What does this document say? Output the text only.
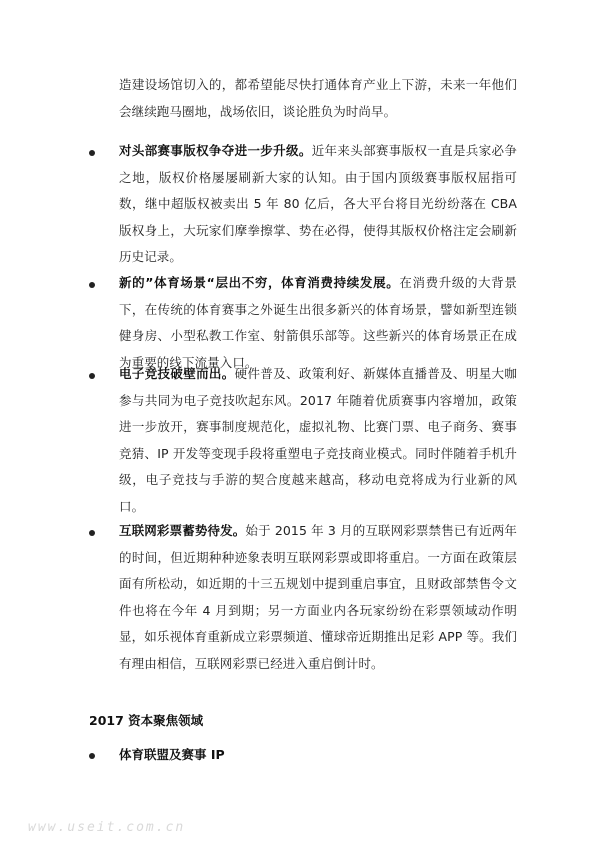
造建设场馆切入的，都希望能尽快打通体育产业上下游，未来一年他们会继续跑马圈地，战场依旧，谈论胜负为时尚早。

对头部赛事版权争夺进一步升级。近年来头部赛事版权一直是兵家必争之地，版权价格屡屡刷新大家的认知。由于国内顶级赛事版权屈指可数，继中超版权被卖出 5 年 80 亿后，各大平台将目光纷纷落在 CBA 版权身上，大玩家们摩拳擦掌、势在必得，使得其版权价格注定会刷新历史记录。

新的”体育场景“层出不穷，体育消费持续发展。在消费升级的大背景下，在传统的体育赛事之外诞生出很多新兴的体育场景，譬如新型连锁健身房、小型私教工作室、射箭俱乐部等。这些新兴的体育场景正在成为重要的线下流量入口。

电子竞技破壁而出。硬件普及、政策利好、新媒体直播普及、明星大咖参与共同为电子竞技吹起东风。2017 年随着优质赛事内容增加，政策进一步放开，赛事制度规范化，虚拟礼物、比赛门票、电子商务、赛事竞猜、IP 开发等变现手段将重塑电子竞技商业模式。同时伴随着手机升级，电子竞技与手游的契合度越来越高，移动电竞将成为行业新的风口。

互联网彩票蓄势待发。始于 2015 年 3 月的互联网彩票禁售已有近两年的时间，但近期种种迹象表明互联网彩票或即将重启。一方面在政策层面有所松动，如近期的十三五规划中提到重启事宜，且财政部禁售令文件也将在今年 4 月到期；另一方面业内各玩家纷纷在彩票领域动作明显，如乐视体育重新成立彩票频道、懂球帝近期推出足彩 APP 等。我们有理由相信，互联网彩票已经进入重启倒计时。

2017 资本聚焦领域
体育联盟及赛事 IP
www.useit.com.cn
